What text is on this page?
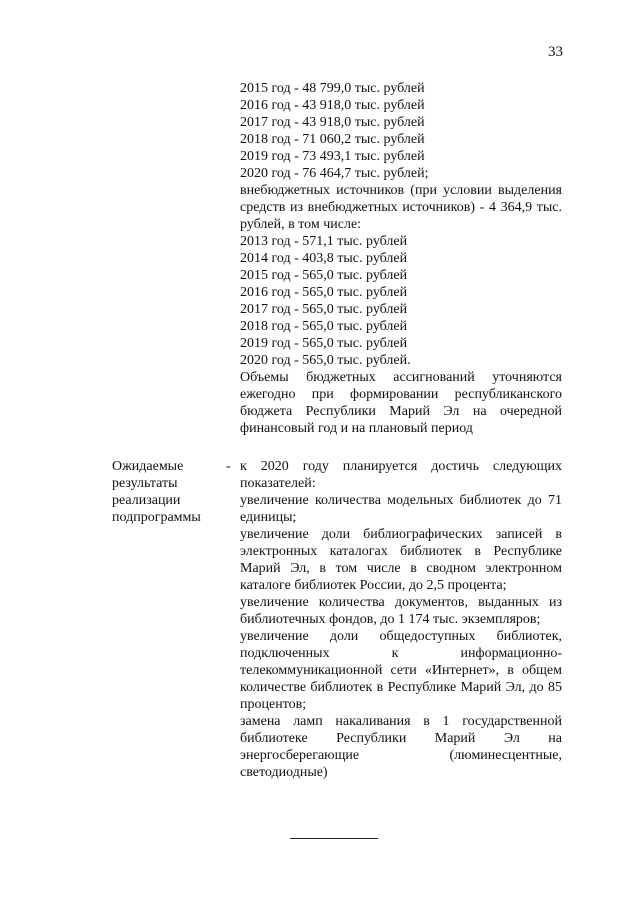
33
2015 год - 48 799,0 тыс. рублей
2016 год - 43 918,0 тыс. рублей
2017 год - 43 918,0 тыс. рублей
2018 год - 71 060,2 тыс. рублей
2019 год - 73 493,1 тыс. рублей
2020 год - 76 464,7 тыс. рублей;
внебюджетных источников (при условии выделения средств из внебюджетных источников) - 4 364,9 тыс. рублей, в том числе:
2013 год - 571,1 тыс. рублей
2014 год - 403,8 тыс. рублей
2015 год - 565,0 тыс. рублей
2016 год - 565,0 тыс. рублей
2017 год - 565,0 тыс. рублей
2018 год - 565,0 тыс. рублей
2019 год - 565,0 тыс. рублей
2020 год - 565,0 тыс. рублей.
Объемы бюджетных ассигнований уточняются ежегодно при формировании республиканского бюджета Республики Марий Эл на очередной финансовый год и на плановый период
Ожидаемые
результаты
реализации
подпрограммы
- к 2020 году планируется достичь следующих показателей:
увеличение количества модельных библиотек до 71 единицы;
увеличение доли библиографических записей в электронных каталогах библиотек в Республике Марий Эл, в том числе в сводном электронном каталоге библиотек России, до 2,5 процента;
увеличение количества документов, выданных из библиотечных фондов, до 1 174 тыс. экземпляров;
увеличение доли общедоступных библиотек, подключенных к информационно-телекоммуникационной сети «Интернет», в общем количестве библиотек в Республике Марий Эл, до 85 процентов;
замена ламп накаливания в 1 государственной библиотеке Республики Марий Эл на энергосберегающие (люминесцентные, светодиодные)
